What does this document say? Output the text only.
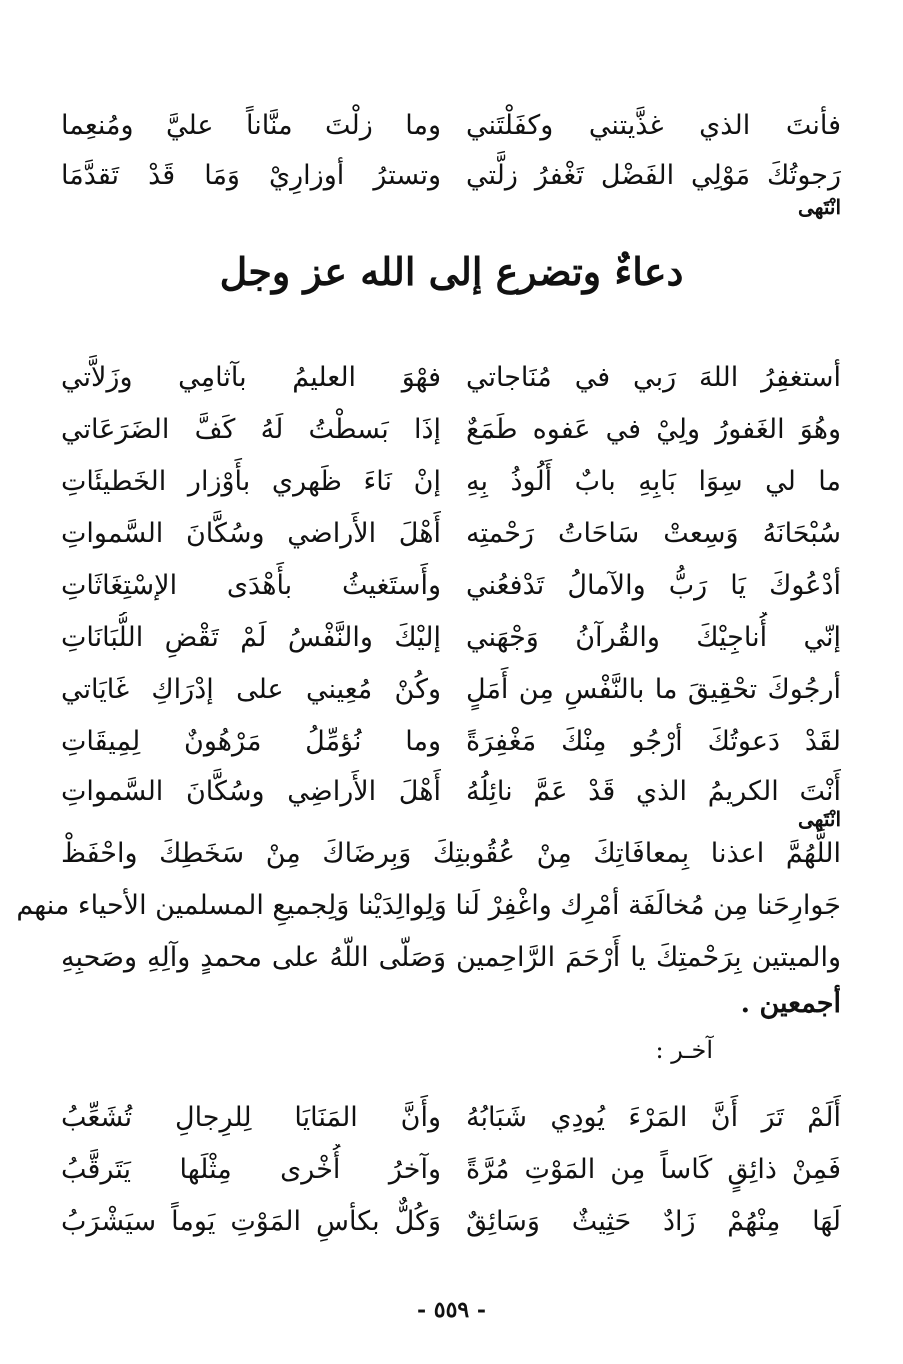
فأنتَ الذي غذَّيتني وكفَلْتَني
وما زلْتَ منَّاناً عليَّ ومُنعِما
رَجوتُكَ مَوْلِي الفَضْل تَغْفرُ زلَّتي
وتسترُ أوزارِيْ وَمَا قَدْ تَقدَّمَا
انْتَهى
دعاءٌ وتضرع إلى الله عز وجل
أستغفِرُ اللهَ رَبي في مُنَاجاتي
فهْوَ العليمُ بآثامِي وزَلاَّتي
وهُوَ الغَفورُ ولِيْ في عَفوه طَمَعٌ
إذَا بَسطْتُ لَهُ كَفَّ الضَرَعَاتي
ما لي سِوَا بَابِهِ بابٌ أَلُوذُ بِهِ
إنْ نَاءَ ظَهري بأَوْزار الخَطيئَاتِ
سُبْحَانَهُ وَسِعتْ سَاحَاتُ رَحْمتِه
أَهْلَ الأَراضي وسُكَّانَ السَّمواتِ
أدْعُوكَ يَا رَبُّ والآمالُ تَدْفعُني
وأَستَغيثُ بأَهْدَى الإسْتِغَاثَاتِ
إنّي أُناجِيْكَ والقُرآنُ وَجْهَني
إليْكَ والنَّفْسُ لَمْ تَقْضِ اللُّبَانَاتِ
أرجُوكَ تحْقِيقَ ما بالنَّفْسِ مِن أَمَلٍ
وكُنْ مُعِيني على إدْرَاكِ غَايَاتي
لقَدْ دَعوتُكَ أرْجُو مِنْكَ مَغْفِرَةً
وما نُؤمِّلُ مَرْهُونٌ لِمِيقَاتِ
أَنْتَ الكريمُ الذي قَدْ عَمَّ نائِلُهُ
أَهْلَ الأَراضِي وسُكَّانَ السَّمواتِ
انْتَهى
اللَّهُمَّ اعذنا بِمعافَاتِكَ مِنْ عُقُوبتِكَ وَبِرضَاكَ مِنْ سَخَطِكَ واحْفَظْ
جَوارِحَنا مِن مُخالَفَة أمْرِك واغْفِرْ لَنا وَلِوالِدَيْنا وَلِجميعِ المسلمين الأحياء منهم
والميتين بِرَحْمتِكَ يا أَرْحَمَ الرَّاحِمين وَصَلّى اللّهُ على محمدٍ وآلِهِ وصَحبِهِ
أجمعين .
آخـر :
أَلَمْ تَرَ أَنَّ المَرْءَ يُودِي شَبَابُهُ
وأَنَّ المَنَايَا لِلرِجالِ تُشَعِّبُ
فَمِنْ ذائِقٍ كَاساً مِن المَوْتِ مُرَّةً
وآخرُ أُخْرى مِثْلَها يَتَرقَّبُ
لَهَا مِنْهُمْ زَادٌ حَثِيثٌ وَسَائِقٌ
وَكُلٌّ بكأسِ المَوْتِ يَوماً سيَشْرَبُ
- ٥٥٩ -
